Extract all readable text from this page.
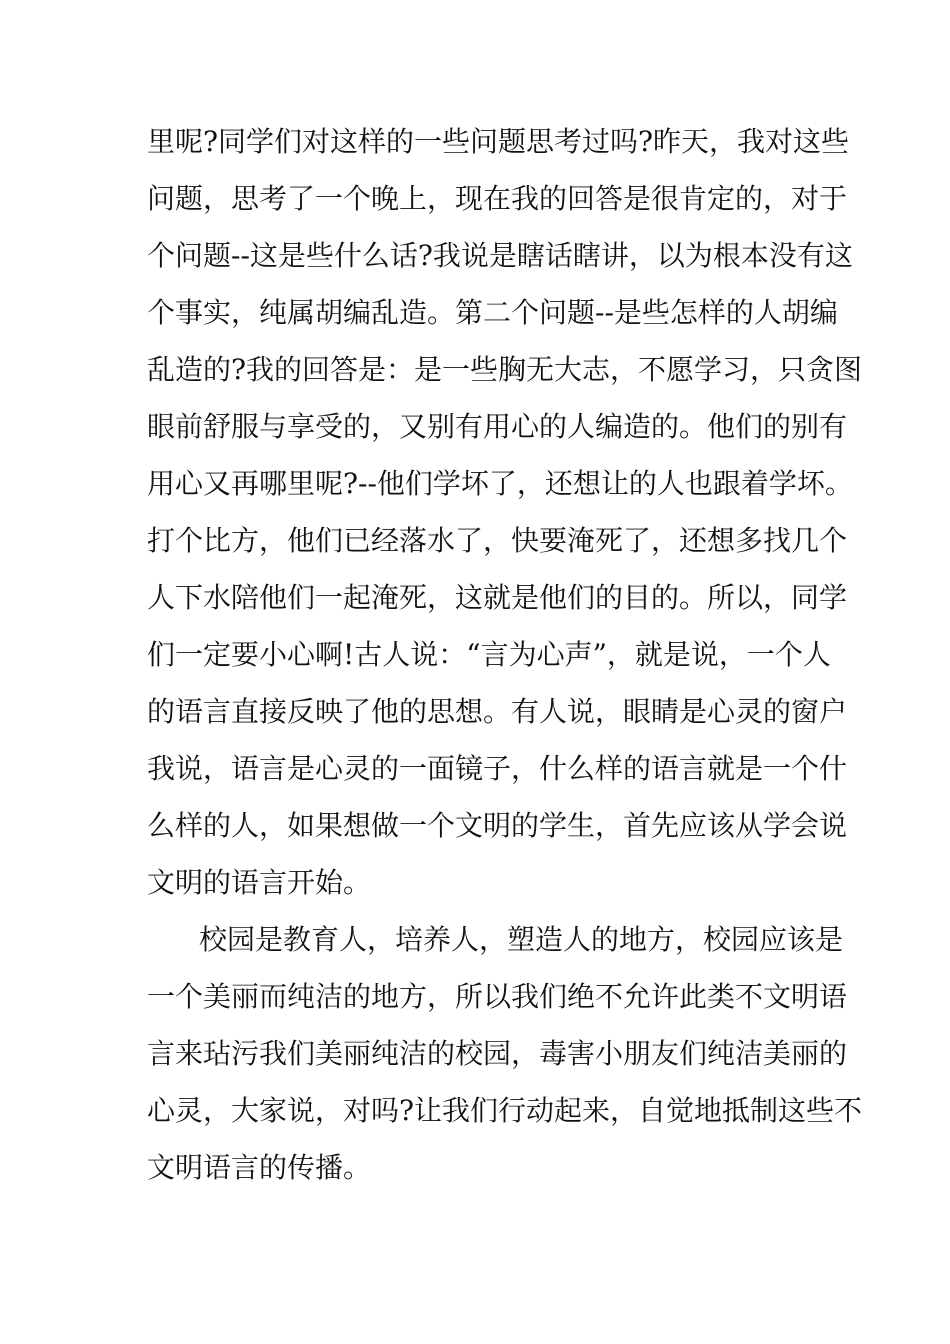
里呢?同学们对这样的一些问题思考过吗?昨天，我对这些
问题，思考了一个晚上，现在我的回答是很肯定的，对于
个问题--这是些什么话?我说是瞎话瞎讲，以为根本没有这
个事实，纯属胡编乱造。第二个问题--是些怎样的人胡编
乱造的?我的回答是：是一些胸无大志，不愿学习，只贪图
眼前舒服与享受的，又别有用心的人编造的。他们的别有
用心又再哪里呢?--他们学坏了，还想让的人也跟着学坏。
打个比方，他们已经落水了，快要淹死了，还想多找几个
人下水陪他们一起淹死，这就是他们的目的。所以，同学
们一定要小心啊!古人说：“言为心声”，就是说，一个人
的语言直接反映了他的思想。有人说，眼睛是心灵的窗户
我说，语言是心灵的一面镜子，什么样的语言就是一个什
么样的人，如果想做一个文明的学生，首先应该从学会说
文明的语言开始。
校园是教育人，培养人，塑造人的地方，校园应该是
一个美丽而纯洁的地方，所以我们绝不允许此类不文明语
言来玷污我们美丽纯洁的校园，毒害小朋友们纯洁美丽的
心灵，大家说，对吗?让我们行动起来，自觉地抵制这些不
文明语言的传播。
